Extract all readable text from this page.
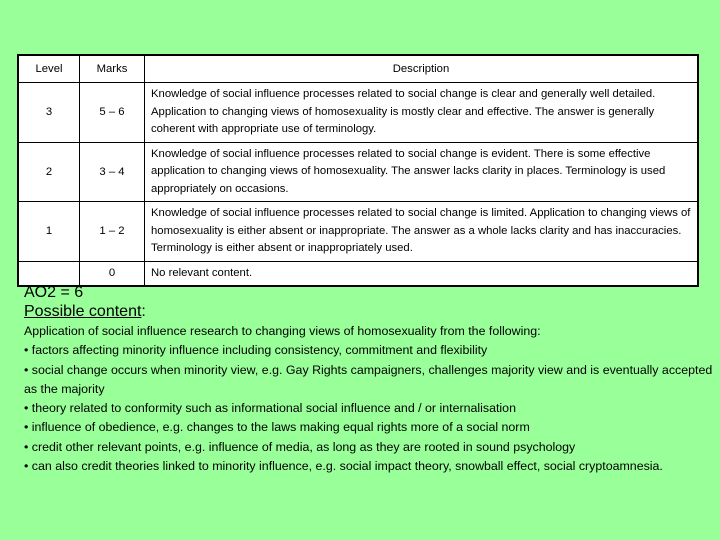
Level	Marks	Description
3	5 – 6	Knowledge of social influence processes related to social change is clear and generally well detailed. Application to changing views of homosexuality is mostly clear and effective. The answer is generally coherent with appropriate use of terminology.
2	3 – 4	Knowledge of social influence processes related to social change is evident. There is some effective application to changing views of homosexuality. The answer lacks clarity in places. Terminology is used appropriately on occasions.
1	1 – 2	Knowledge of social influence processes related to social change is limited. Application to changing views of homosexuality is either absent or inappropriate. The answer as a whole lacks clarity and has inaccuracies. Terminology is either absent or inappropriately used.
	0	No relevant content.
AO2 = 6
Possible content:
Application of social influence research to changing views of homosexuality from the following:
• factors affecting minority influence including consistency, commitment and flexibility
• social change occurs when minority view, e.g. Gay Rights campaigners, challenges majority view and is eventually accepted as the majority
• theory related to conformity such as informational social influence and / or internalisation
• influence of obedience, e.g. changes to the laws making equal rights more of a social norm
• credit other relevant points, e.g. influence of media, as long as they are rooted in sound psychology
• can also credit theories linked to minority influence, e.g. social impact theory, snowball effect, social cryptoamnesia.
